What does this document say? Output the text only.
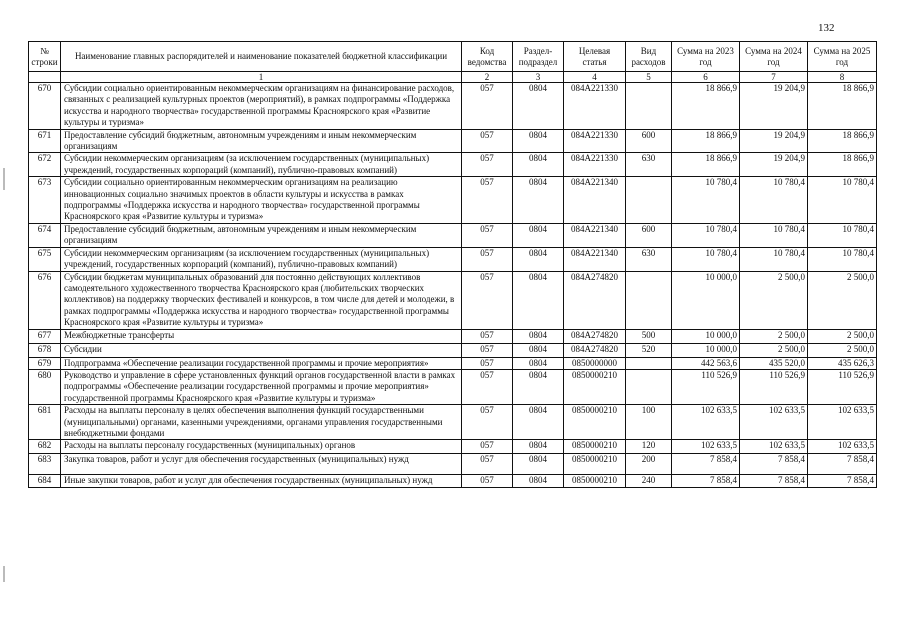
132
№ строки	Наименование главных распорядителей и наименование показателей бюджетной классификации	Код ведомства	Раздел-подраздел	Целевая статья	Вид расходов	Сумма на 2023 год	Сумма на 2024 год	Сумма на 2025 год
	1	2	3	4	5	6	7	8
670	Субсидии социально ориентированным некоммерческим организациям на финансирование расходов, связанных с реализацией культурных проектов (мероприятий), в рамках подпрограммы «Поддержка искусства и народного творчества» государственной программы Красноярского края «Развитие культуры и туризма»	057	0804	084A221330		18 866,9	19 204,9	18 866,9
671	Предоставление субсидий бюджетным, автономным учреждениям и иным некоммерческим организациям	057	0804	084A221330	600	18 866,9	19 204,9	18 866,9
672	Субсидии некоммерческим организациям (за исключением государственных (муниципальных) учреждений, государственных корпораций (компаний), публично-правовых компаний)	057	0804	084A221330	630	18 866,9	19 204,9	18 866,9
673	Субсидии социально ориентированным некоммерческим организациям на реализацию инновационных социально значимых проектов в области культуры и искусства в рамках подпрограммы «Поддержка искусства и народного творчества» государственной программы Красноярского края «Развитие культуры и туризма»	057	0804	084A221340		10 780,4	10 780,4	10 780,4
674	Предоставление субсидий бюджетным, автономным учреждениям и иным некоммерческим организациям	057	0804	084A221340	600	10 780,4	10 780,4	10 780,4
675	Субсидии некоммерческим организациям (за исключением государственных (муниципальных) учреждений, государственных корпораций (компаний), публично-правовых компаний)	057	0804	084A221340	630	10 780,4	10 780,4	10 780,4
676	Субсидии бюджетам муниципальных образований для постоянно действующих коллективов самодеятельного художественного творчества Красноярского края (любительских творческих коллективов) на поддержку творческих фестивалей и конкурсов, в том числе для детей и молодежи, в рамках подпрограммы «Поддержка искусства и народного творчества» государственной программы Красноярского края «Развитие культуры и туризма»	057	0804	084A274820		10 000,0	2 500,0	2 500,0
677	Межбюджетные трансферты	057	0804	084A274820	500	10 000,0	2 500,0	2 500,0
678	Субсидии	057	0804	084A274820	520	10 000,0	2 500,0	2 500,0
679	Подпрограмма «Обеспечение реализации государственной программы и прочие мероприятия»	057	0804	0850000000		442 563,6	435 520,0	435 626,3
680	Руководство и управление в сфере установленных функций органов государственной власти в рамках подпрограммы «Обеспечение реализации государственной программы и прочие мероприятия» государственной программы Красноярского края «Развитие культуры и туризма»	057	0804	0850000210		110 526,9	110 526,9	110 526,9
681	Расходы на выплаты персоналу в целях обеспечения выполнения функций государственными (муниципальными) органами, казенными учреждениями, органами управления государственными внебюджетными фондами	057	0804	0850000210	100	102 633,5	102 633,5	102 633,5
682	Расходы на выплаты персоналу государственных (муниципальных) органов	057	0804	0850000210	120	102 633,5	102 633,5	102 633,5
683	Закупка товаров, работ и услуг для обеспечения государственных (муниципальных) нужд	057	0804	0850000210	200	7 858,4	7 858,4	7 858,4
684	Иные закупки товаров, работ и услуг для обеспечения государственных (муниципальных) нужд	057	0804	0850000210	240	7 858,4	7 858,4	7 858,4
